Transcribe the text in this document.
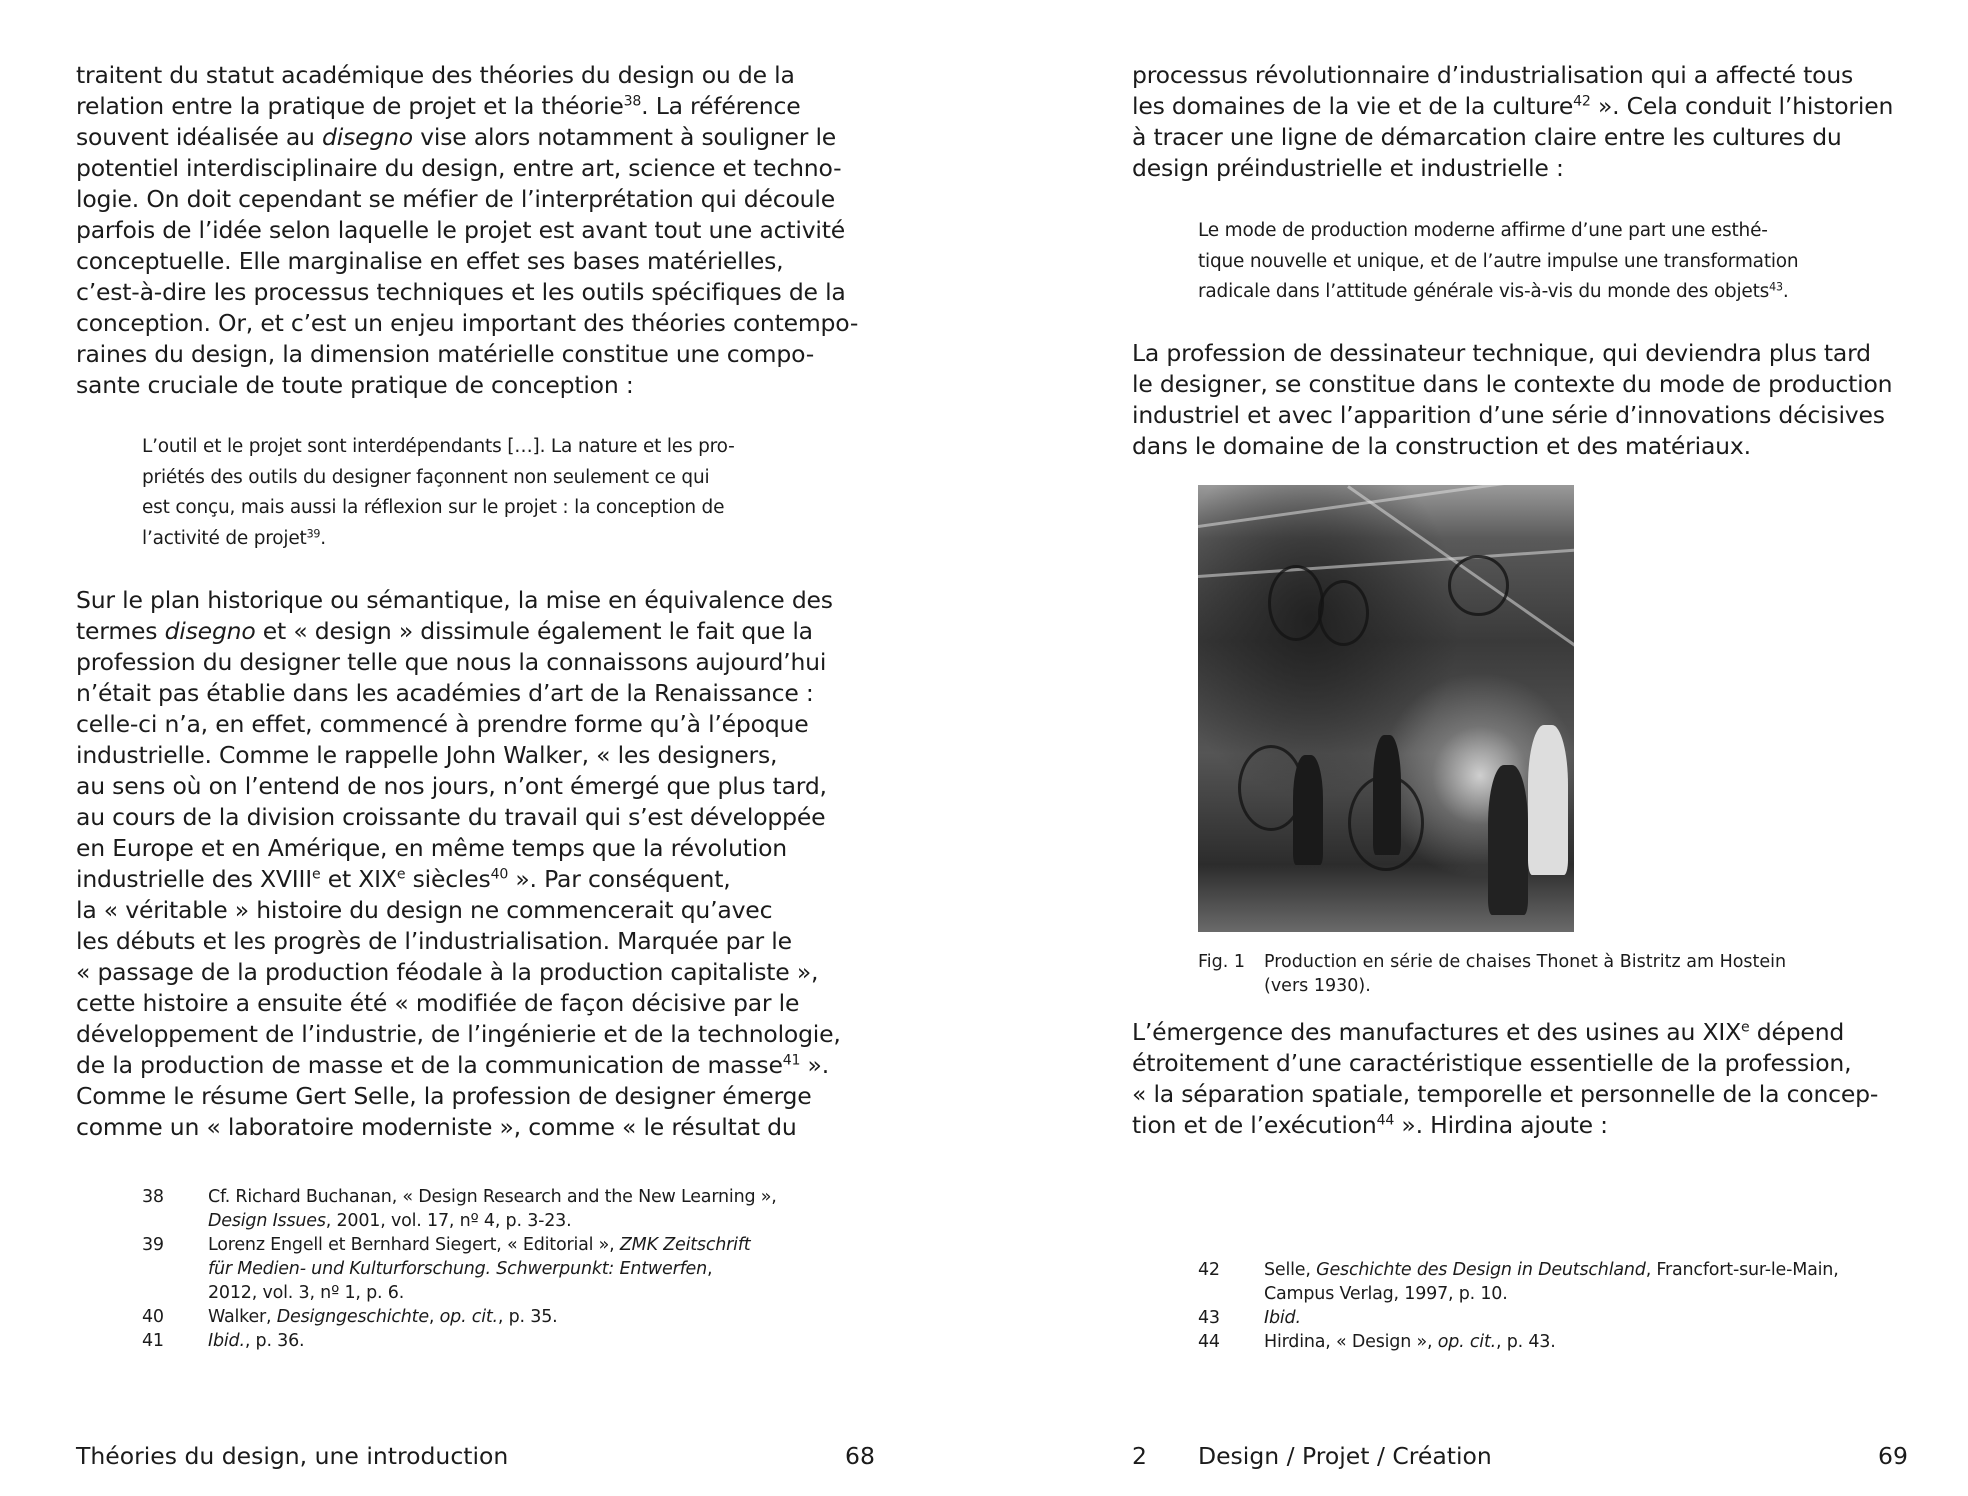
traitent du statut académique des théories du design ou de la
relation entre la pratique de projet et la théorie$^{38}$. La référence
souvent idéalisée au disegno vise alors notamment à souligner le
potentiel interdisciplinaire du design, entre art, science et techno-
logie. On doit cependant se méfier de l’interprétation qui découle
parfois de l’idée selon laquelle le projet est avant tout une activité
conceptuelle. Elle marginalise en effet ses bases matérielles,
c’est-à-dire les processus techniques et les outils spécifiques de la
conception. Or, et c’est un enjeu important des théories contempo-
raines du design, la dimension matérielle constitue une compo-
sante cruciale de toute pratique de conception :
L’outil et le projet sont interdépendants […]. La nature et les pro-
priétés des outils du designer façonnent non seulement ce qui
est conçu, mais aussi la réflexion sur le projet : la conception de
l’activité de projet$^{39}$.
Sur le plan historique ou sémantique, la mise en équivalence des
termes disegno et « design » dissimule également le fait que la
profession du designer telle que nous la connaissons aujourd’hui
n’était pas établie dans les académies d’art de la Renaissance :
celle-ci n’a, en effet, commencé à prendre forme qu’à l’époque
industrielle. Comme le rappelle John Walker, « les designers,
au sens où on l’entend de nos jours, n’ont émergé que plus tard,
au cours de la division croissante du travail qui s’est développée
en Europe et en Amérique, en même temps que la révolution
industrielle des XVIIIe et XIXe siècles$^{40}$ ». Par conséquent,
la « véritable » histoire du design ne commencerait qu’avec
les débuts et les progrès de l’industrialisation. Marquée par le
« passage de la production féodale à la production capitaliste »,
cette histoire a ensuite été « modifiée de façon décisive par le
développement de l’industrie, de l’ingénierie et de la technologie,
de la production de masse et de la communication de masse$^{41}$ ».
Comme le résume Gert Selle, la profession de designer émerge
comme un « laboratoire moderniste », comme « le résultat du
38	Cf. Richard Buchanan, « Design Research and the New Learning »,
Design Issues, 2001, vol. 17, nº 4, p. 3-23.
39	Lorenz Engell et Bernhard Siegert, « Editorial », ZMK Zeitschrift
für Medien- und Kulturforschung. Schwerpunkt: Entwerfen,
2012, vol. 3, nº 1, p. 6.
40	Walker, Designgeschichte, op. cit., p. 35.
41	Ibid., p. 36.
Théories du design, une introduction	68
processus révolutionnaire d’industrialisation qui a affecté tous
les domaines de la vie et de la culture$^{42}$ ». Cela conduit l’historien
à tracer une ligne de démarcation claire entre les cultures du
design préindustrielle et industrielle :
Le mode de production moderne affirme d’une part une esthé-
tique nouvelle et unique, et de l’autre impulse une transformation
radicale dans l’attitude générale vis-à-vis du monde des objets$^{43}$.
La profession de dessinateur technique, qui deviendra plus tard
le designer, se constitue dans le contexte du mode de production
industriel et avec l’apparition d’une série d’innovations décisives
dans le domaine de la construction et des matériaux.
Fig. 1	Production en série de chaises Thonet à Bistritz am Hostein
(vers 1930).
L’émergence des manufactures et des usines au XIXe dépend
étroitement d’une caractéristique essentielle de la profession,
« la séparation spatiale, temporelle et personnelle de la concep-
tion et de l’exécution$^{44}$ ». Hirdina ajoute :
42	Selle, Geschichte des Design in Deutschland, Francfort-sur-le-Main,
Campus Verlag, 1997, p. 10.
43	Ibid.
44	Hirdina, « Design », op. cit., p. 43.
2 Design / Projet / Création	69
